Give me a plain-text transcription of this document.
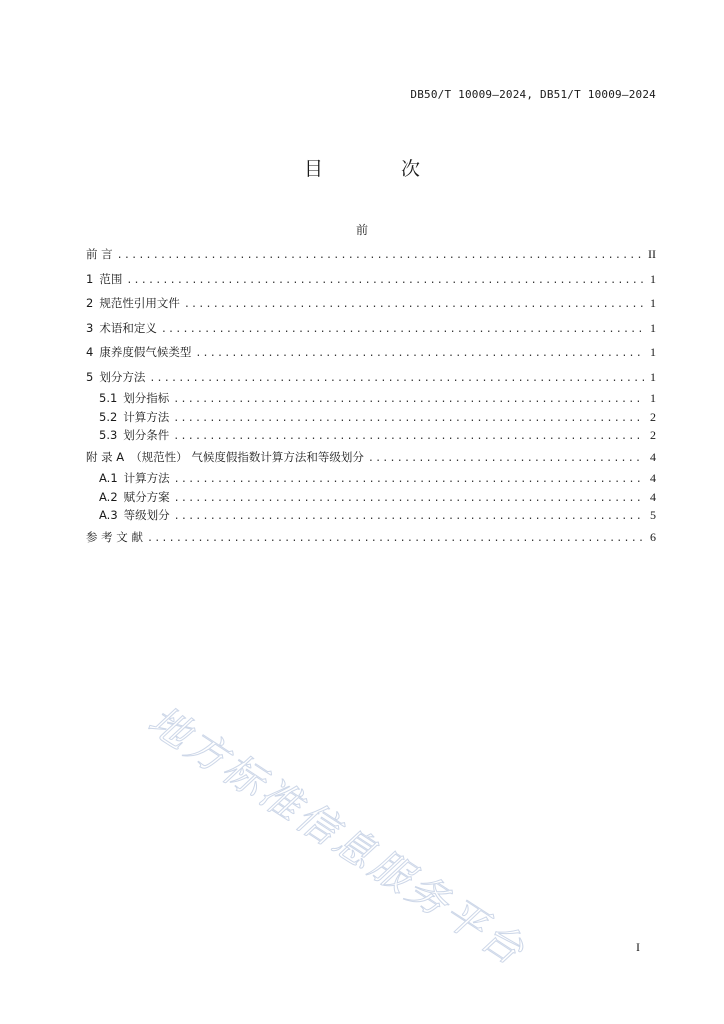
DB50/T 10009—2024, DB51/T 10009—2024
目 次
前
前 言 .....	II
1 范围 .....	1
2 规范性引用文件 .....	1
3 术语和定义 .....	1
4 康养度假气候类型 .....	1
5 划分方法 .....	1
5.1 划分指标 .....	1
5.2 计算方法 .....	2
5.3 划分条件 .....	2
附 录 A （规范性） 气候度假指数计算方法和等级划分 .....	4
A.1 计算方法 .....	4
A.2 赋分方案 .....	4
A.3 等级划分 .....	5
参 考 文 献 .....	6
地方标准信息服务平台	I
